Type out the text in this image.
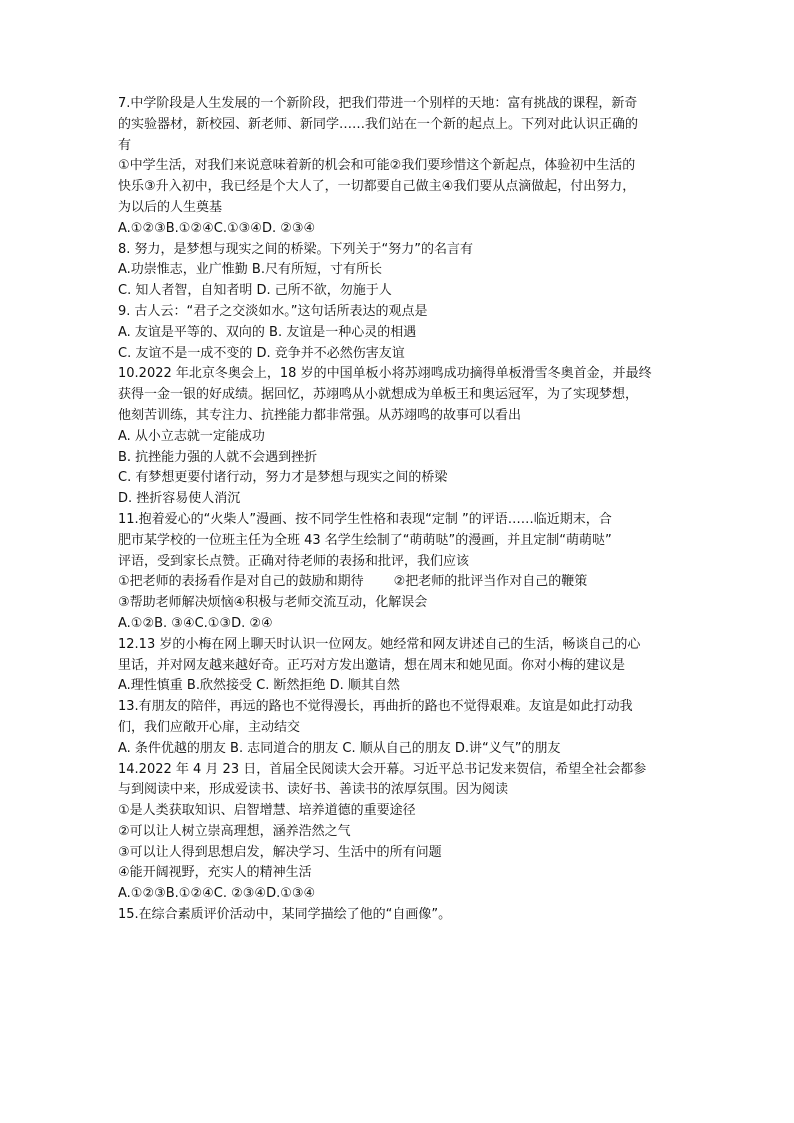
7.中学阶段是人生发展的一个新阶段，把我们带进一个别样的天地：富有挑战的课程，新奇
的实验器材，新校园、新老师、新同学……我们站在一个新的起点上。下列对此认识正确的
有
①中学生活，对我们来说意味着新的机会和可能②我们要珍惜这个新起点，体验初中生活的
快乐③升入初中，我已经是个大人了，一切都要自己做主④我们要从点滴做起，付出努力，
为以后的人生奠基
A.①②③B.①②④C.①③④D. ②③④
8. 努力，是梦想与现实之间的桥梁。下列关于“努力”的名言有
A.功崇惟志，业广惟勤 B.尺有所短，寸有所长
C. 知人者智，自知者明 D. 己所不欲，勿施于人
9. 古人云：“君子之交淡如水。”这句话所表达的观点是
A. 友谊是平等的、双向的 B. 友谊是一种心灵的相遇
C. 友谊不是一成不变的 D. 竞争并不必然伤害友谊
10.2022 年北京冬奥会上，18 岁的中国单板小将苏翊鸣成功摘得单板滑雪冬奥首金，并最终
获得一金一银的好成绩。据回忆，苏翊鸣从小就想成为单板王和奥运冠军，为了实现梦想，
他刻苦训练，其专注力、抗挫能力都非常强。从苏翊鸣的故事可以看出
A. 从小立志就一定能成功
B. 抗挫能力强的人就不会遇到挫折
C. 有梦想更要付诸行动，努力才是梦想与现实之间的桥梁
D. 挫折容易使人消沉
11.抱着爱心的“火柴人”漫画、按不同学生性格和表现“定制 ”的评语……临近期末，合
肥市某学校的一位班主任为全班 43 名学生绘制了“萌萌哒”的漫画，并且定制“萌萌哒”
评语，受到家长点赞。正确对待老师的表扬和批评，我们应该
①把老师的表扬看作是对自己的鼓励和期待 ②把老师的批评当作对自己的鞭策
③帮助老师解决烦恼④积极与老师交流互动，化解误会
A.①②B. ③④C.①③D. ②④
12.13 岁的小梅在网上聊天时认识一位网友。她经常和网友讲述自己的生活，畅谈自己的心
里话，并对网友越来越好奇。正巧对方发出邀请，想在周末和她见面。你对小梅的建议是
A.理性慎重 B.欣然接受 C. 断然拒绝 D. 顺其自然
13.有朋友的陪伴，再远的路也不觉得漫长，再曲折的路也不觉得艰难。友谊是如此打动我
们，我们应敞开心扉，主动结交
A. 条件优越的朋友 B. 志同道合的朋友 C. 顺从自己的朋友 D.讲“义气”的朋友
14.2022 年 4 月 23 日，首届全民阅读大会开幕。习近平总书记发来贺信，希望全社会都参
与到阅读中来，形成爱读书、读好书、善读书的浓厚氛围。因为阅读
①是人类获取知识、启智增慧、培养道德的重要途径
②可以让人树立崇高理想，涵养浩然之气
③可以让人得到思想启发，解决学习、生活中的所有问题
④能开阔视野，充实人的精神生活
A.①②③B.①②④C. ②③④D.①③④
15.在综合素质评价活动中，某同学描绘了他的“自画像”。
